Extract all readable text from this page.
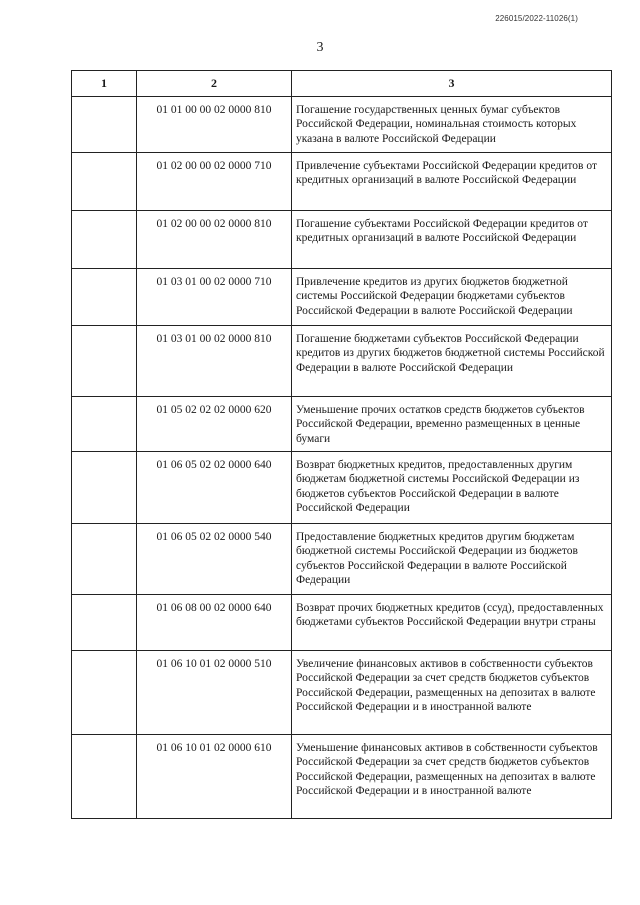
226015/2022-11026(1)
3
1	2	3
	01 01 00 00 02 0000 810	Погашение государственных ценных бумаг субъектов Российской Федерации, номинальная стоимость которых указана в валюте Российской Федерации
	01 02 00 00 02 0000 710	Привлечение субъектами Российской Федерации кредитов от кредитных организаций в валюте Российской Федерации
	01 02 00 00 02 0000 810	Погашение субъектами Российской Федерации кредитов от кредитных организаций в валюте Российской Федерации
	01 03 01 00 02 0000 710	Привлечение кредитов из других бюджетов бюджетной системы Российской Федерации бюджетами субъектов Российской Федерации в валюте Российской Федерации
	01 03 01 00 02 0000 810	Погашение бюджетами субъектов Российской Федерации кредитов из других бюджетов бюджетной системы Российской Федерации в валюте Российской Федерации
	01 05 02 02 02 0000 620	Уменьшение прочих остатков средств бюджетов субъектов Российской Федерации, временно размещенных в ценные бумаги
	01 06 05 02 02 0000 640	Возврат бюджетных кредитов, предоставленных другим бюджетам бюджетной системы Российской Федерации из бюджетов субъектов Российской Федерации в валюте Российской Федерации
	01 06 05 02 02 0000 540	Предоставление бюджетных кредитов другим бюджетам бюджетной системы Российской Федерации из бюджетов субъектов Российской Федерации в валюте Российской Федерации
	01 06 08 00 02 0000 640	Возврат прочих бюджетных кредитов (ссуд), предоставленных бюджетами субъектов Российской Федерации внутри страны
	01 06 10 01 02 0000 510	Увеличение финансовых активов в собственности субъектов Российской Федерации за счет средств бюджетов субъектов Российской Федерации, размещенных на депозитах в валюте Российской Федерации и в иностранной валюте
	01 06 10 01 02 0000 610	Уменьшение финансовых активов в собственности субъектов Российской Федерации за счет средств бюджетов субъектов Российской Федерации, размещенных на депозитах в валюте Российской Федерации и в иностранной валюте
